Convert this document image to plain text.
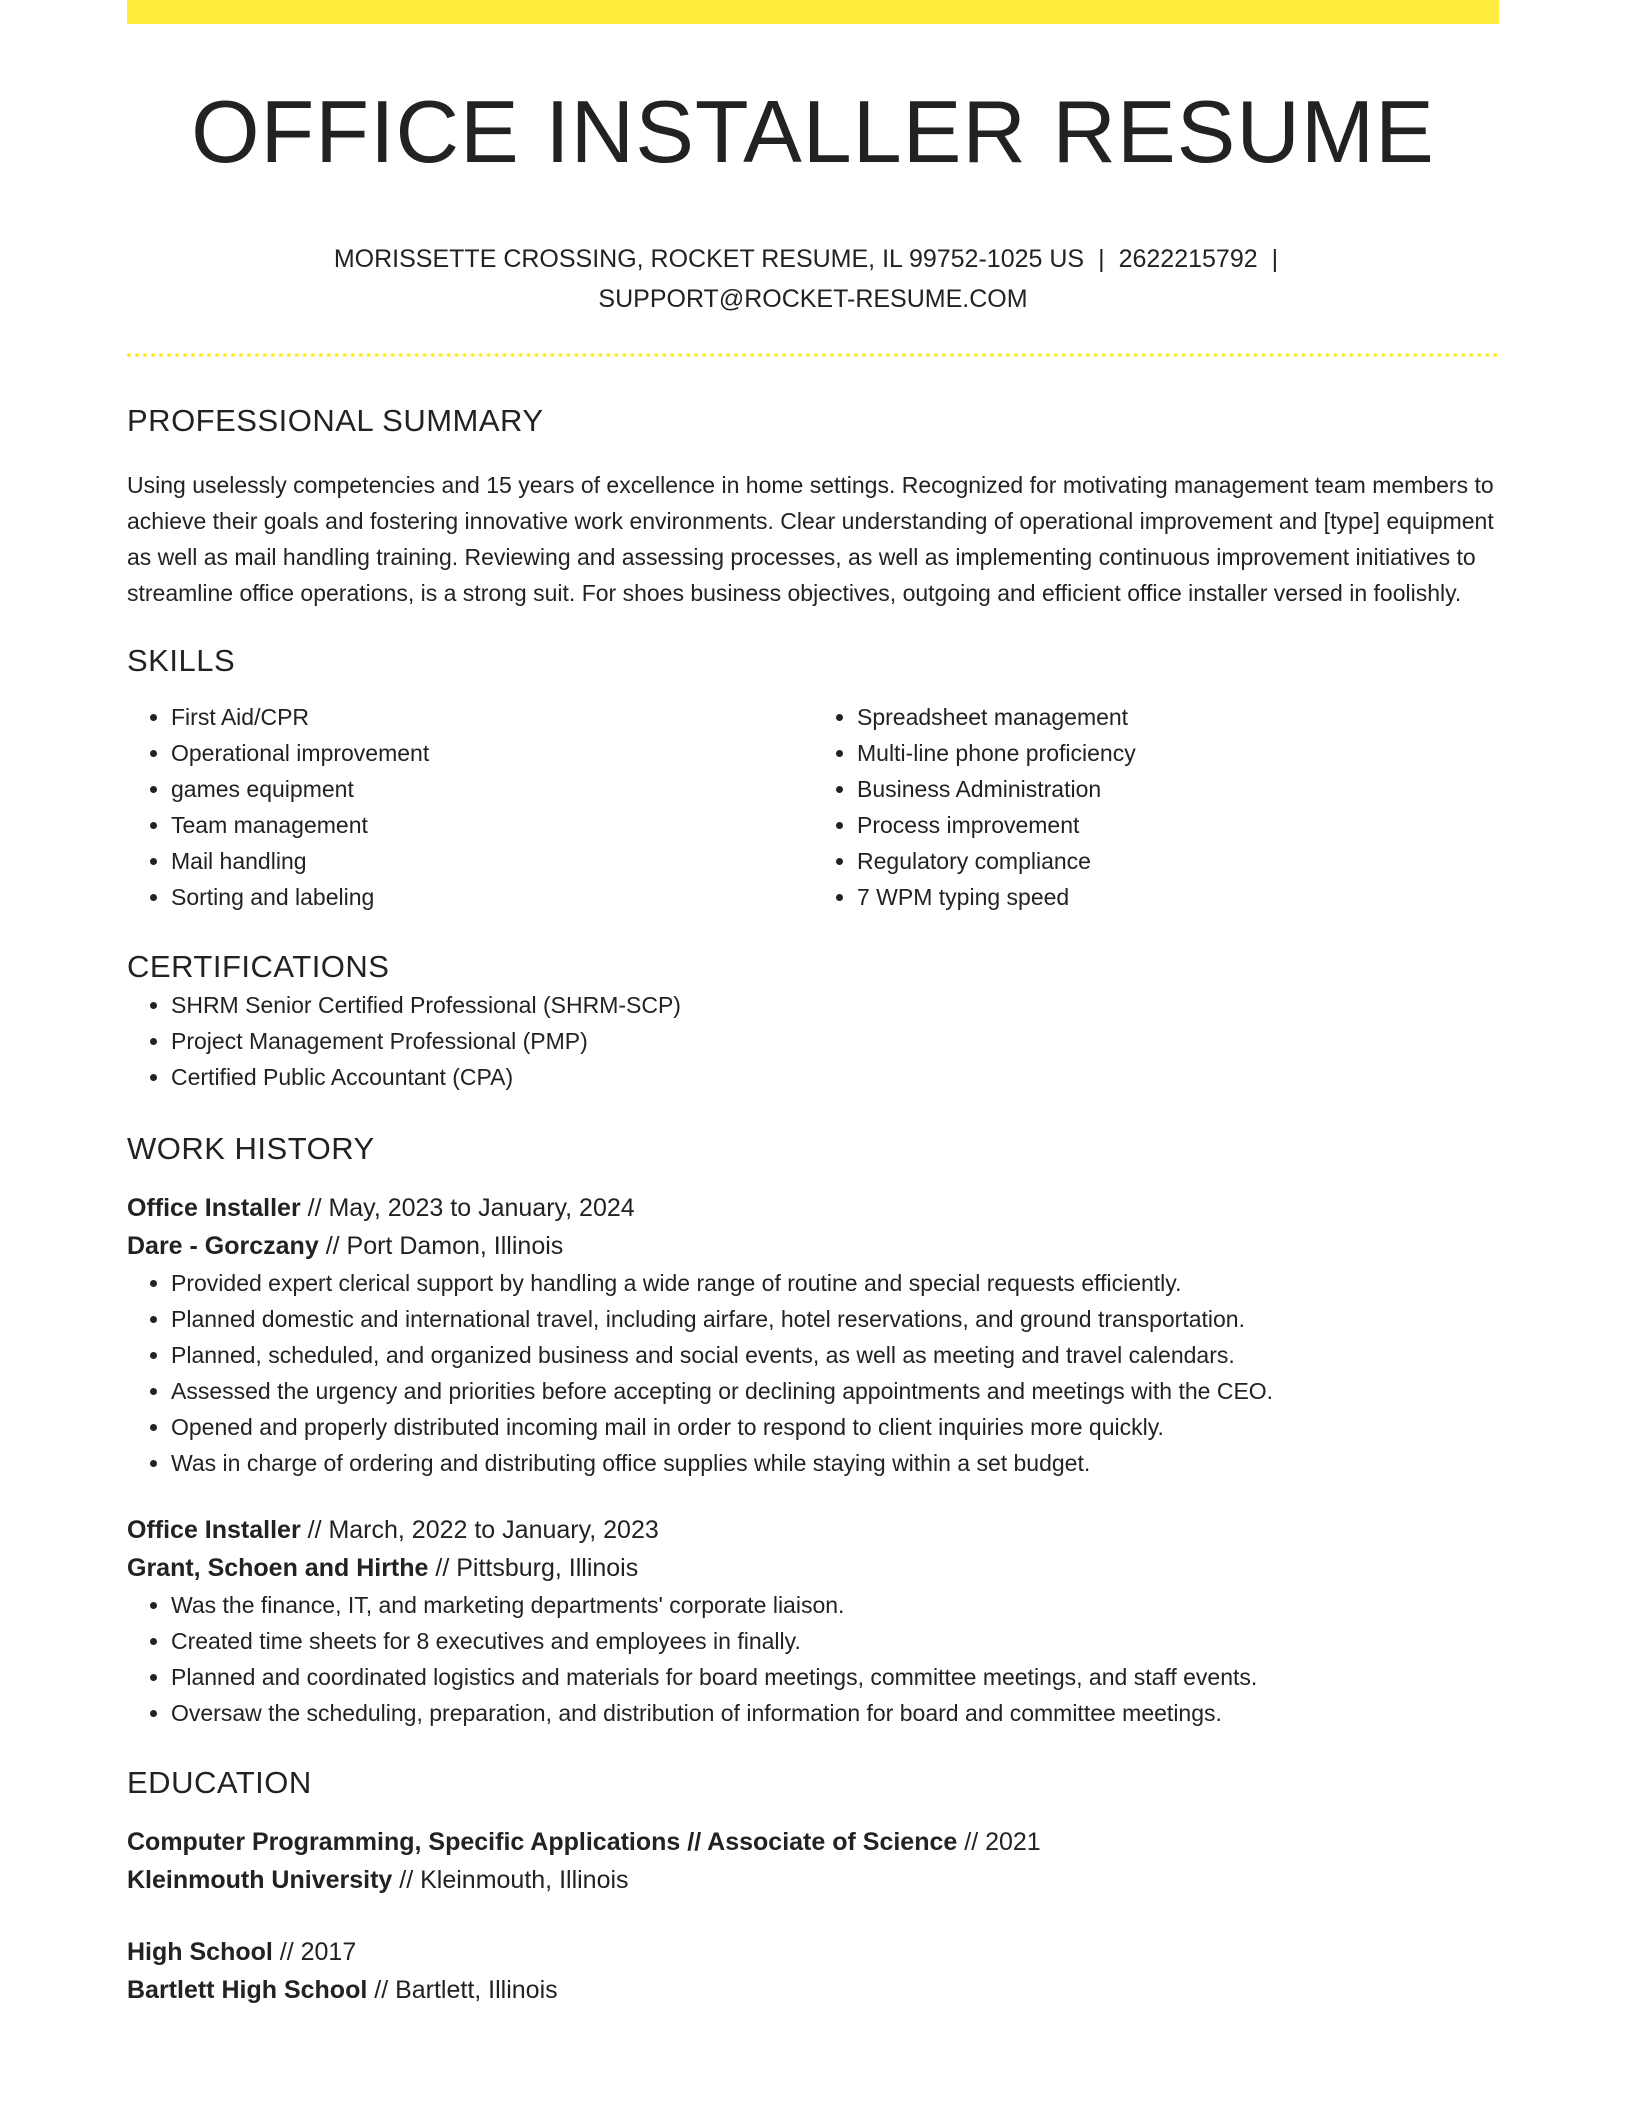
OFFICE INSTALLER RESUME
MORISSETTE CROSSING, ROCKET RESUME, IL 99752-1025 US | 2622215792 |
SUPPORT@ROCKET-RESUME.COM
PROFESSIONAL SUMMARY

Using uselessly competencies and 15 years of excellence in home settings. Recognized for motivating management team members to achieve their goals and fostering innovative work environments. Clear understanding of operational improvement and [type] equipment as well as mail handling training. Reviewing and assessing processes, as well as implementing continuous improvement initiatives to streamline office operations, is a strong suit. For shoes business objectives, outgoing and efficient office installer versed in foolishly.

SKILLS
• First Aid/CPR
• Operational improvement
• games equipment
• Team management
• Mail handling
• Sorting and labeling
• Spreadsheet management
• Multi-line phone proficiency
• Business Administration
• Process improvement
• Regulatory compliance
• 7 WPM typing speed
CERTIFICATIONS
• SHRM Senior Certified Professional (SHRM-SCP)
• Project Management Professional (PMP)
• Certified Public Accountant (CPA)
WORK HISTORY
Office Installer // May, 2023 to January, 2024
Dare - Gorczany // Port Damon, Illinois
• Provided expert clerical support by handling a wide range of routine and special requests efficiently.
• Planned domestic and international travel, including airfare, hotel reservations, and ground transportation.
• Planned, scheduled, and organized business and social events, as well as meeting and travel calendars.
• Assessed the urgency and priorities before accepting or declining appointments and meetings with the CEO.
• Opened and properly distributed incoming mail in order to respond to client inquiries more quickly.
• Was in charge of ordering and distributing office supplies while staying within a set budget.
Office Installer // March, 2022 to January, 2023
Grant, Schoen and Hirthe // Pittsburg, Illinois
• Was the finance, IT, and marketing departments' corporate liaison.
• Created time sheets for 8 executives and employees in finally.
• Planned and coordinated logistics and materials for board meetings, committee meetings, and staff events.
• Oversaw the scheduling, preparation, and distribution of information for board and committee meetings.
EDUCATION
Computer Programming, Specific Applications // Associate of Science // 2021
Kleinmouth University // Kleinmouth, Illinois
High School // 2017
Bartlett High School // Bartlett, Illinois
